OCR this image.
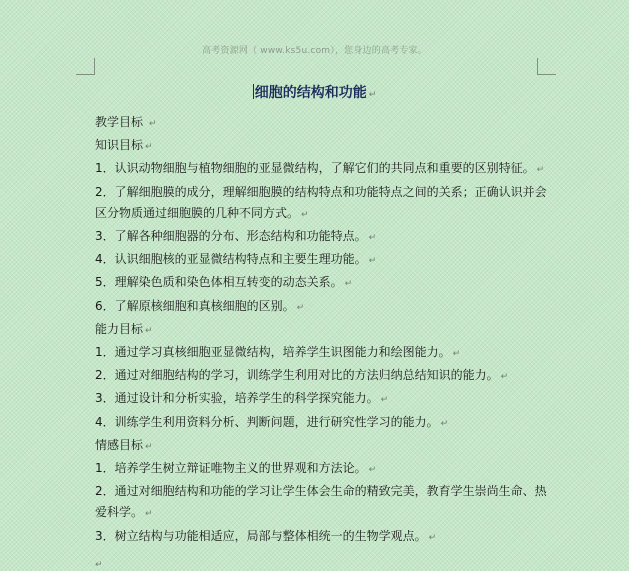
高考资源网（ www.ks5u.com），您身边的高考专家。
细胞的结构和功能 ↵

教学目标 ↵

知识目标 ↵

1．认识动物细胞与植物细胞的亚显微结构，了解它们的共同点和重要的区别特征。 ↵

2．了解细胞膜的成分，理解细胞膜的结构特点和功能特点之间的关系；正确认识并会区分物质通过细胞膜的几种不同方式。 ↵

3．了解各种细胞器的分布、形态结构和功能特点。 ↵

4．认识细胞核的亚显微结构特点和主要生理功能。 ↵

5．理解染色质和染色体相互转变的动态关系。 ↵

6．了解原核细胞和真核细胞的区别。 ↵

能力目标 ↵

1．通过学习真核细胞亚显微结构，培养学生识图能力和绘图能力。 ↵

2．通过对细胞结构的学习，训练学生利用对比的方法归纳总结知识的能力。 ↵

3．通过设计和分析实验，培养学生的科学探究能力。 ↵

4．训练学生利用资料分析、判断问题，进行研究性学习的能力。 ↵

情感目标 ↵

1．培养学生树立辩证唯物主义的世界观和方法论。 ↵

2．通过对细胞结构和功能的学习让学生体会生命的精致完美，教育学生崇尚生命、热爱科学。 ↵

3．树立结构与功能相适应，局部与整体相统一的生物学观点。 ↵

↵
